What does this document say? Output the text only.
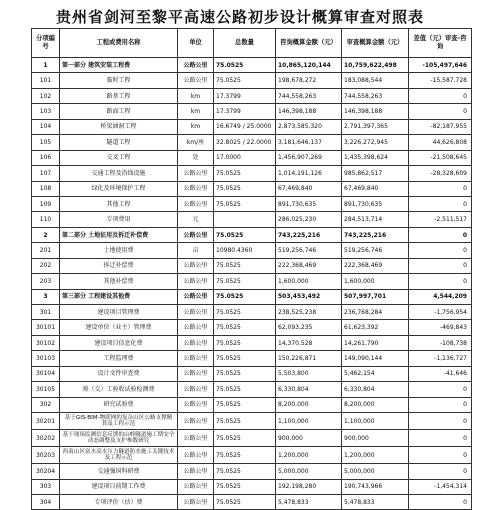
贵州省剑河至黎平高速公路初步设计概算审查对照表
分项编号	工程或费用名称	单位	总数量	咨询概算金额（元）	审查概算金额（元）	差值（元）审查-咨询
1	第一部分 建筑安装工程费	公路公里	75.0525	10,865,120,144	10,759,622,498	-105,497,646
101	临时工程	公路公里	75.0525	198,678,272	183,088,544	-15,587,728
102	路基工程	km	17.3799	744,558,263	744,558,263	0
103	路面工程	km	17.3799	146,398,188	146,398,188	0
104	桥梁涵洞工程	km	16.6749 / 25.0000	2,873,585,320	2,791,397,365	-82,187,955
105	隧道工程	km/座	32.8025 / 22.0000	3,181,646,137	3,226,272,945	44,626,808
106	交叉工程	处	17.0000	1,456,907,269	1,435,398,624	-21,508,645
107	交通工程及沿线设施	公路公里	75.0525	1,014,191,126	985,862,517	-28,328,609
108	绿化及环境保护工程	公路公里	75.0525	67,469,840	67,469,840	0
109	其他工程	公路公里	75.0525	891,730,635	891,730,635	0
110	专项费用	元		286,025,230	284,513,714	-2,511,517
2	第二部分 土地征用及拆迁补偿费	公路公里	75.0525	743,225,216	743,225,216	0
201	土地使用费	亩	10980.4360	519,256,746	519,256,746	0
202	拆迁补偿费	公路公里	75.0525	222,368,469	222,368,469	0
203	其他补偿费	公路公里	75.0525	1,600,000	1,600,000	0
3	第三部分 工程建设其他费	公路公里	75.0525	503,453,492	507,997,701	4,544,209
301	建设项目管理费	公路公里	75.0525	238,525,238	236,768,284	-1,756,954
30101	建设单位（业主）管理费	公路公里	75.0525	62,093,235	61,623,392	-469,843
30102	建设项目信息化费	公路公里	75.0525	14,370,528	14,261,790	-108,738
30103	工程监理费	公路公里	75.0525	150,226,871	149,090,144	-1,136,727
30104	设计文件审查费	公路公里	75.0525	5,503,800	5,462,154	-41,646
30105	竣（交）工验收试验检测费	公路公里	75.0525	6,330,804	6,330,804	0
302	研究试验费	公路公里	75.0525	8,200,000	8,200,000	0
30201	基于GIS-BIM-物联网的复杂山区公路支撑精算及工程示范	公路公里	75.0525	1,100,000	1,100,000	0
30202	基于现场监测信息反馈的山岭隧道施工期安全动态调整及支护参数研究	公路公里	75.0525	900,000	900,000	0
30203	西南山区富水高水压力隧道防水施工关键技术及工程示范	公路公里	75.0525	1,200,000	1,200,000	0
30204	交通强国科研费	公路公里	75.0525	5,000,000	5,000,000	0
303	建设项目前期工作费	公路公里	75.0525	192,198,280	190,743,966	-1,454,314
304	专项评价（估）费	公路公里	75.0525	5,478,833	5,478,833	0
